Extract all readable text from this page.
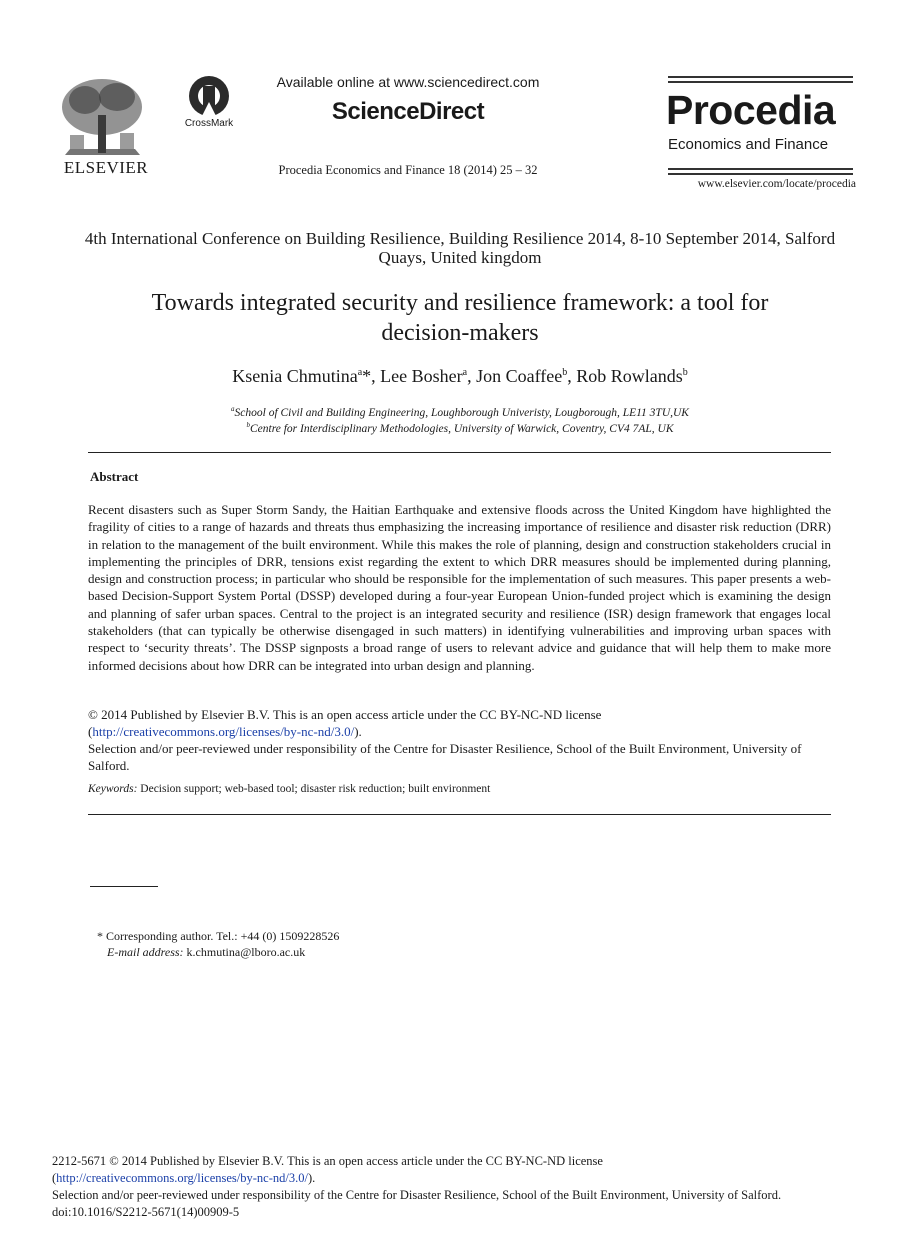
ELSEVIER
CrossMark
Available online at www.sciencedirect.com
ScienceDirect
Procedia Economics and Finance 18 (2014) 25 – 32
Procedia
Economics and Finance
www.elsevier.com/locate/procedia
4th International Conference on Building Resilience, Building Resilience 2014, 8-10 September 2014, Salford Quays, United kingdom
Towards integrated security and resilience framework: a tool for
decision-makers
Ksenia Chmutina$^a$*, Lee Bosher$^a$, Jon Coaffee$^b$, Rob Rowlands$^b$
$^a$School of Civil and Building Engineering, Loughborough Univeristy, Lougborough, LE11 3TU,UK
$^b$Centre for Interdisciplinary Methodologies, University of Warwick, Coventry, CV4 7AL, UK
Abstract
Recent disasters such as Super Storm Sandy, the Haitian Earthquake and extensive floods across the United Kingdom have highlighted the fragility of cities to a range of hazards and threats thus emphasizing the increasing importance of resilience and disaster risk reduction (DRR) in relation to the management of the built environment. While this makes the role of planning, design and construction stakeholders crucial in implementing the principles of DRR, tensions exist regarding the extent to which DRR measures should be implemented during planning, design and construction process; in particular who should be responsible for the implementation of such measures. This paper presents a web-based Decision-Support System Portal (DSSP) developed during a four-year European Union-funded project which is examining the design and planning of safer urban spaces. Central to the project is an integrated security and resilience (ISR) design framework that engages local stakeholders (that can typically be otherwise disengaged in such matters) in identifying vulnerabilities and improving urban spaces with respect to ‘security threats’. The DSSP signposts a broad range of users to relevant advice and guidance that will help them to make more informed decisions about how DRR can be integrated into urban design and planning.
© 2014 Published by Elsevier B.V. This is an open access article under the CC BY-NC-ND license
(http://creativecommons.org/licenses/by-nc-nd/3.0/).
Selection and/or peer-reviewed under responsibility of the Centre for Disaster Resilience, School of the Built Environment, University of Salford.
Keywords: Decision support; web-based tool; disaster risk reduction; built environment
* Corresponding author. Tel.: +44 (0) 1509228526
E-mail address: k.chmutina@lboro.ac.uk
2212-5671 © 2014 Published by Elsevier B.V. This is an open access article under the CC BY-NC-ND license
(http://creativecommons.org/licenses/by-nc-nd/3.0/).
Selection and/or peer-reviewed under responsibility of the Centre for Disaster Resilience, School of the Built Environment, University of Salford.
doi:10.1016/S2212-5671(14)00909-5
